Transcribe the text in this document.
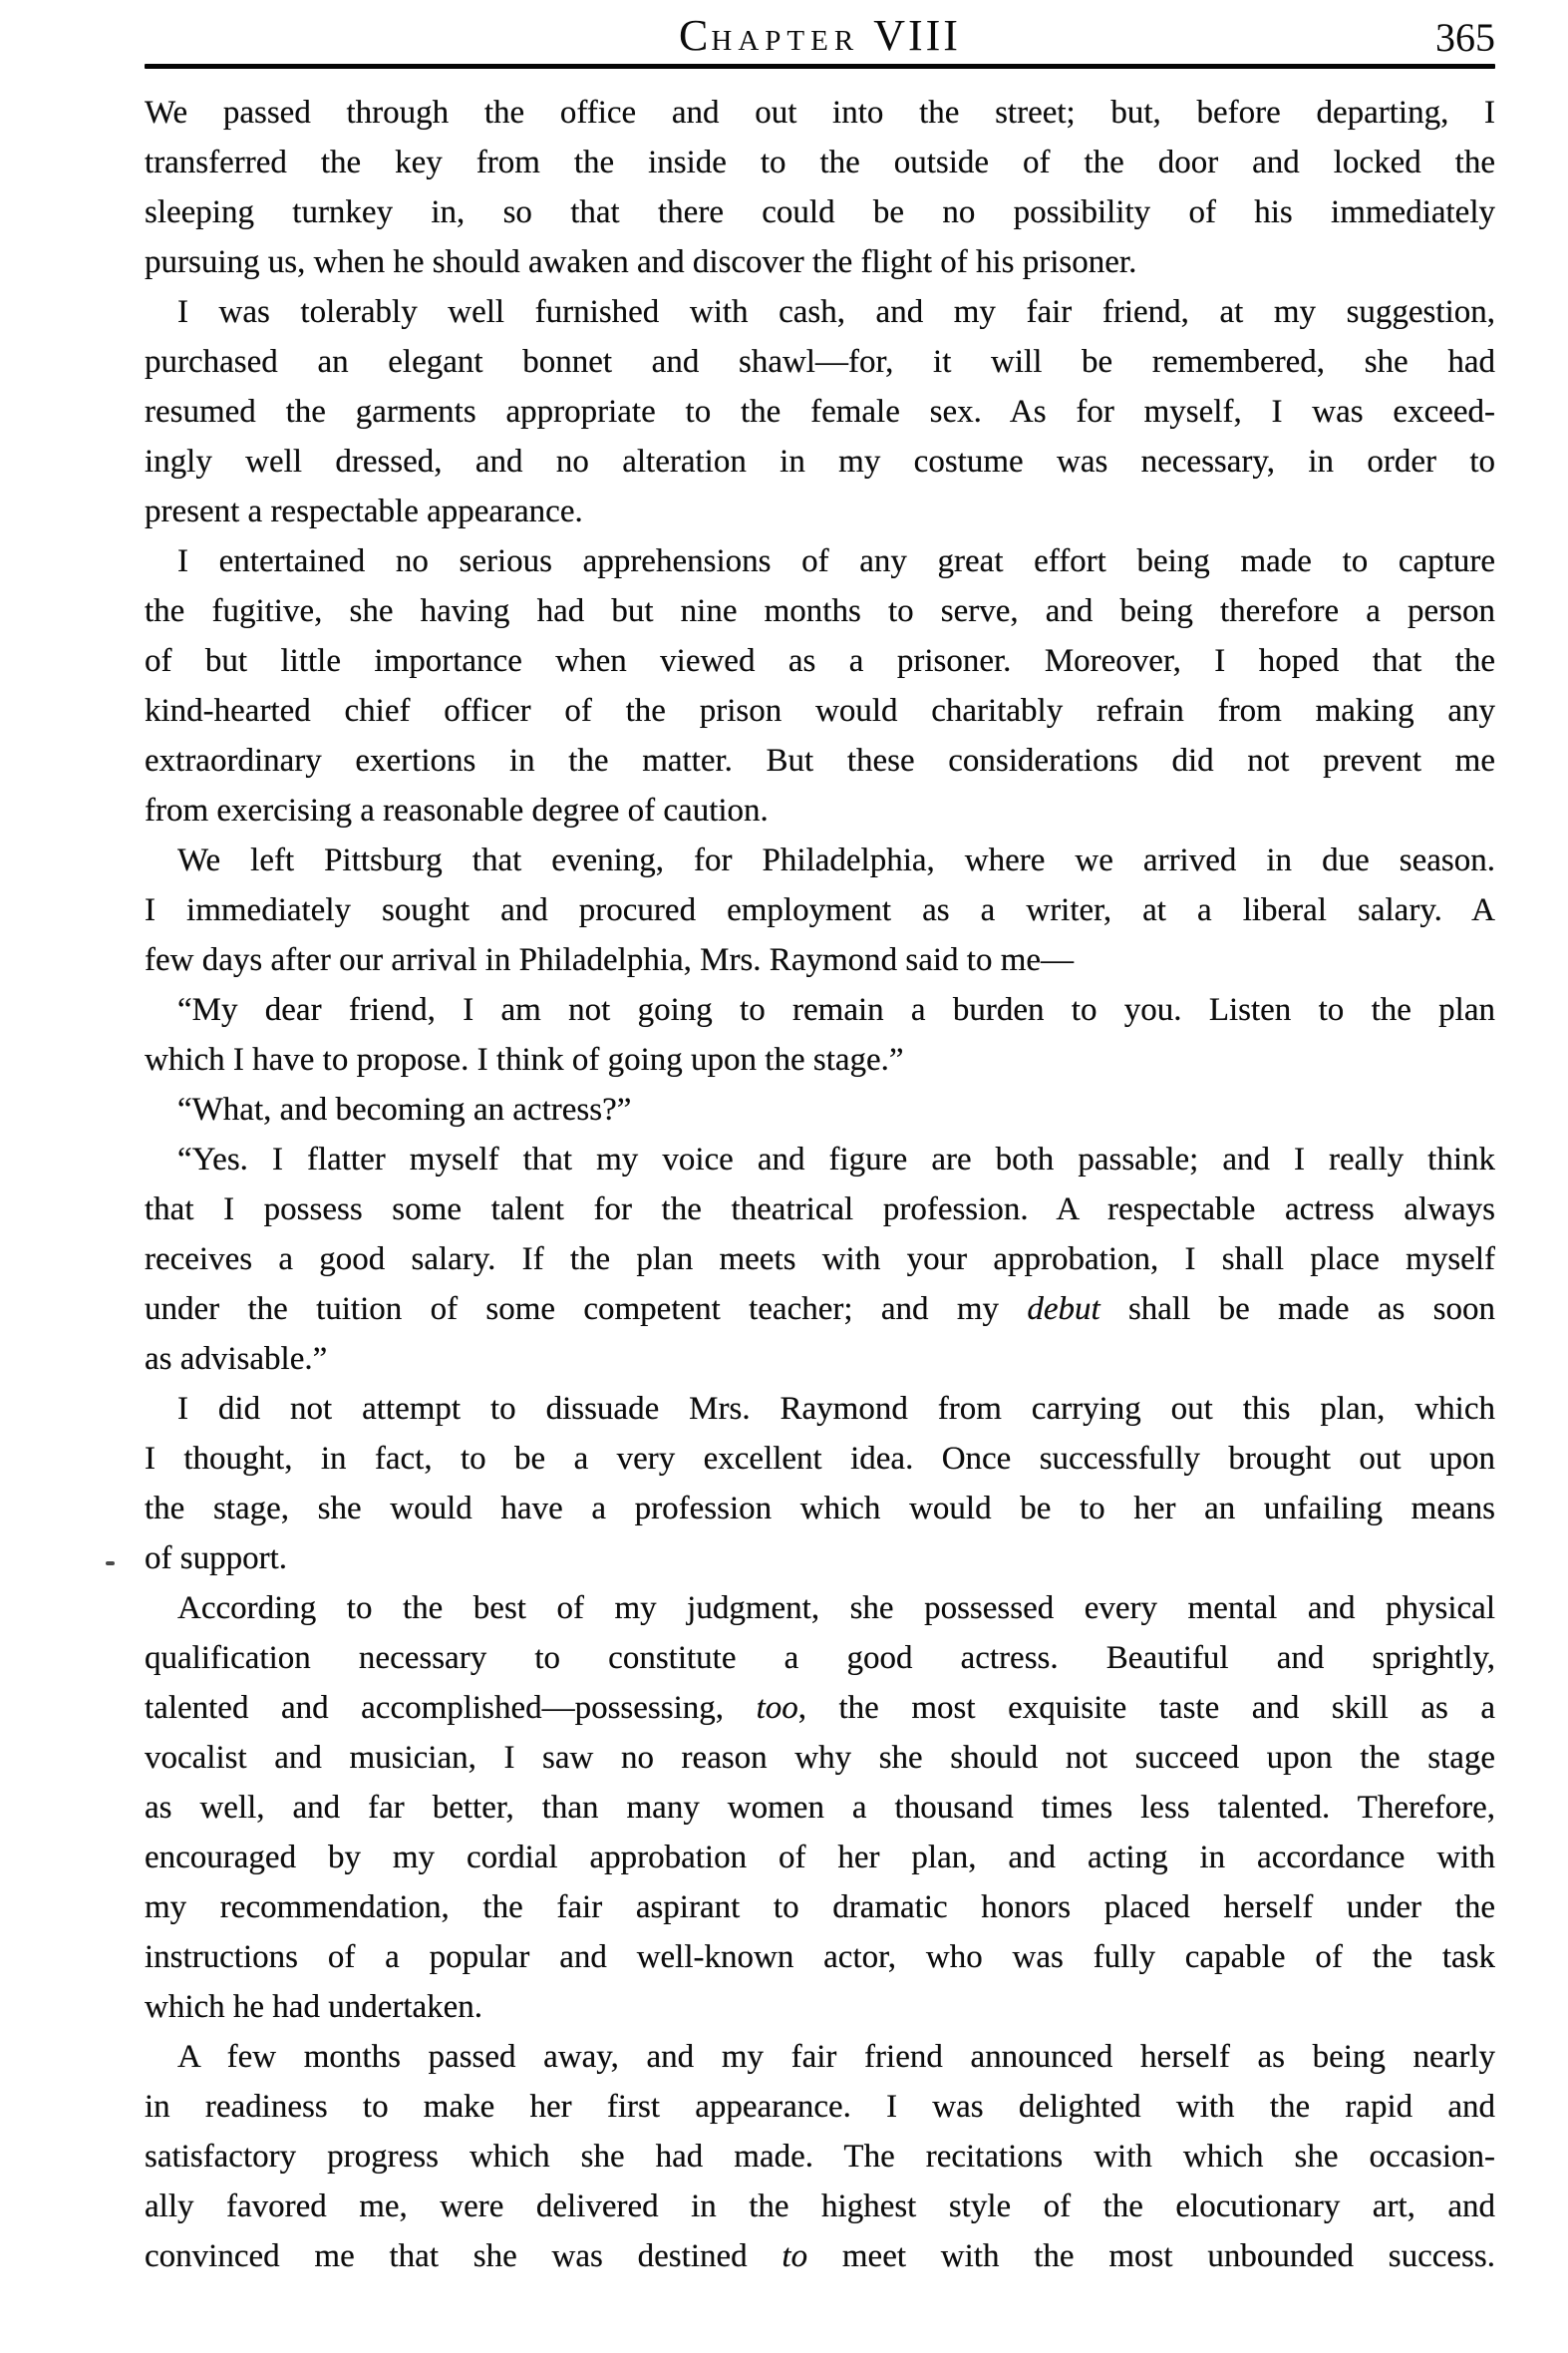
CHAPTER VIII	365
We passed through the office and out into the street; but, before departing, I
transferred the key from the inside to the outside of the door and locked the
sleeping turnkey in, so that there could be no possibility of his immediately
pursuing us, when he should awaken and discover the flight of his prisoner.
I was tolerably well furnished with cash, and my fair friend, at my suggestion,
purchased an elegant bonnet and shawl—for, it will be remembered, she had
resumed the garments appropriate to the female sex. As for myself, I was exceed-
ingly well dressed, and no alteration in my costume was necessary, in order to
present a respectable appearance.
I entertained no serious apprehensions of any great effort being made to capture
the fugitive, she having had but nine months to serve, and being therefore a person
of but little importance when viewed as a prisoner. Moreover, I hoped that the
kind-hearted chief officer of the prison would charitably refrain from making any
extraordinary exertions in the matter. But these considerations did not prevent me
from exercising a reasonable degree of caution.
We left Pittsburg that evening, for Philadelphia, where we arrived in due season.
I immediately sought and procured employment as a writer, at a liberal salary. A
few days after our arrival in Philadelphia, Mrs. Raymond said to me—
“My dear friend, I am not going to remain a burden to you. Listen to the plan
which I have to propose. I think of going upon the stage.”
“What, and becoming an actress?”
“Yes. I flatter myself that my voice and figure are both passable; and I really think
that I possess some talent for the theatrical profession. A respectable actress always
receives a good salary. If the plan meets with your approbation, I shall place myself
under the tuition of some competent teacher; and my debut shall be made as soon
as advisable.”
I did not attempt to dissuade Mrs. Raymond from carrying out this plan, which
I thought, in fact, to be a very excellent idea. Once successfully brought out upon
the stage, she would have a profession which would be to her an unfailing means
of support.
According to the best of my judgment, she possessed every mental and physical
qualification necessary to constitute a good actress. Beautiful and sprightly,
talented and accomplished—possessing, too, the most exquisite taste and skill as a
vocalist and musician, I saw no reason why she should not succeed upon the stage
as well, and far better, than many women a thousand times less talented. Therefore,
encouraged by my cordial approbation of her plan, and acting in accordance with
my recommendation, the fair aspirant to dramatic honors placed herself under the
instructions of a popular and well-known actor, who was fully capable of the task
which he had undertaken.
A few months passed away, and my fair friend announced herself as being nearly
in readiness to make her first appearance. I was delighted with the rapid and
satisfactory progress which she had made. The recitations with which she occasion-
ally favored me, were delivered in the highest style of the elocutionary art, and
convinced me that she was destined to meet with the most unbounded success.
